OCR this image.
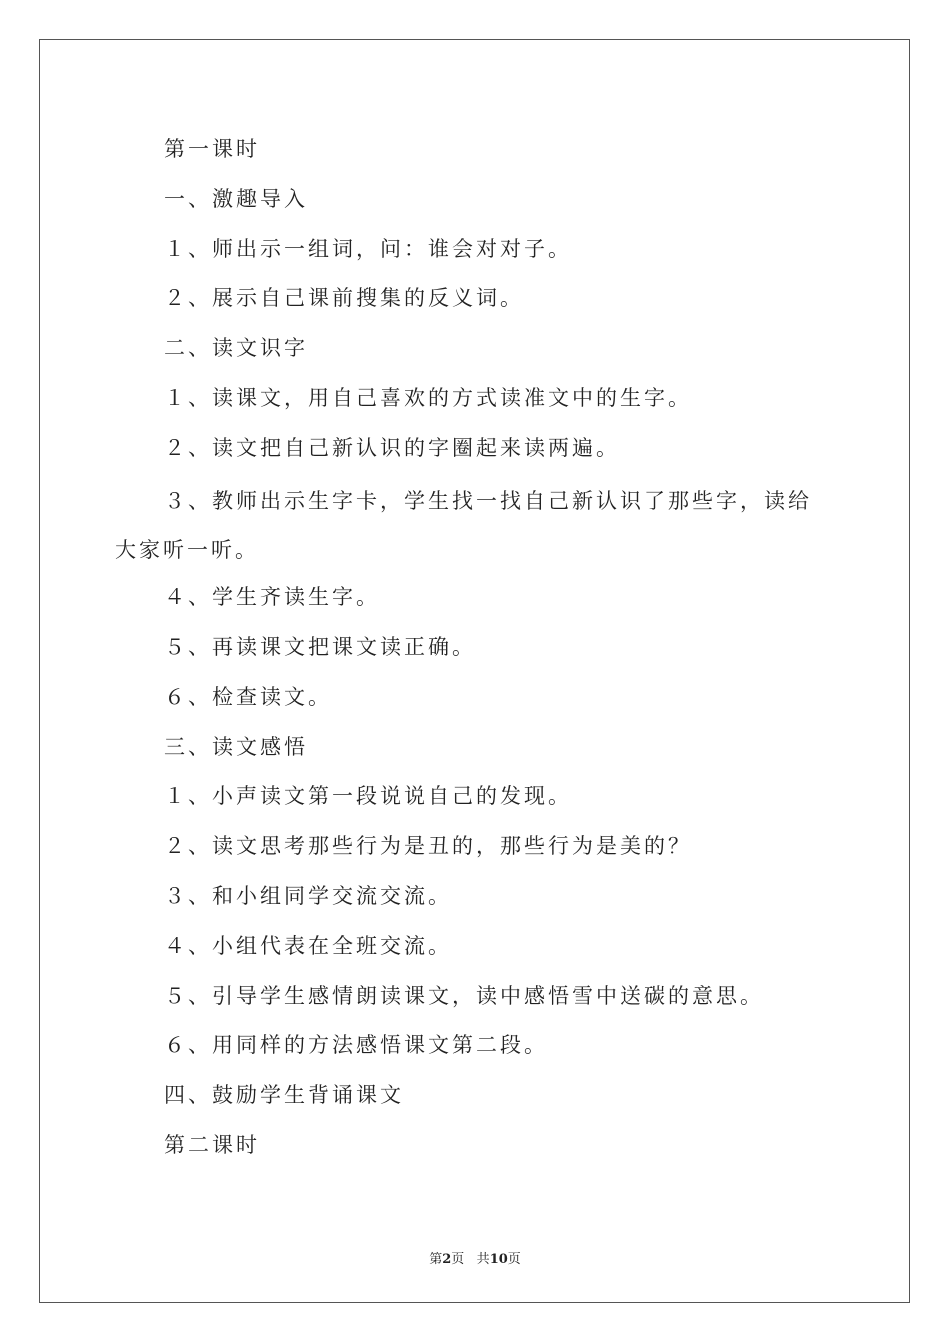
第一课时

一、激趣导入

１、师出示一组词，问：谁会对对子。

２、展示自己课前搜集的反义词。

二、读文识字

１、读课文，用自己喜欢的方式读准文中的生字。

２、读文把自己新认识的字圈起来读两遍。

３、教师出示生字卡，学生找一找自己新认识了那些字，读给大家听一听。

４、学生齐读生字。

５、再读课文把课文读正确。

６、检查读文。

三、读文感悟

１、小声读文第一段说说自己的发现。

２、读文思考那些行为是丑的，那些行为是美的？

３、和小组同学交流交流。

４、小组代表在全班交流。

５、引导学生感情朗读课文，读中感悟雪中送碳的意思。

６、用同样的方法感悟课文第二段。

四、鼓励学生背诵课文

第二课时

第2页 共10页
